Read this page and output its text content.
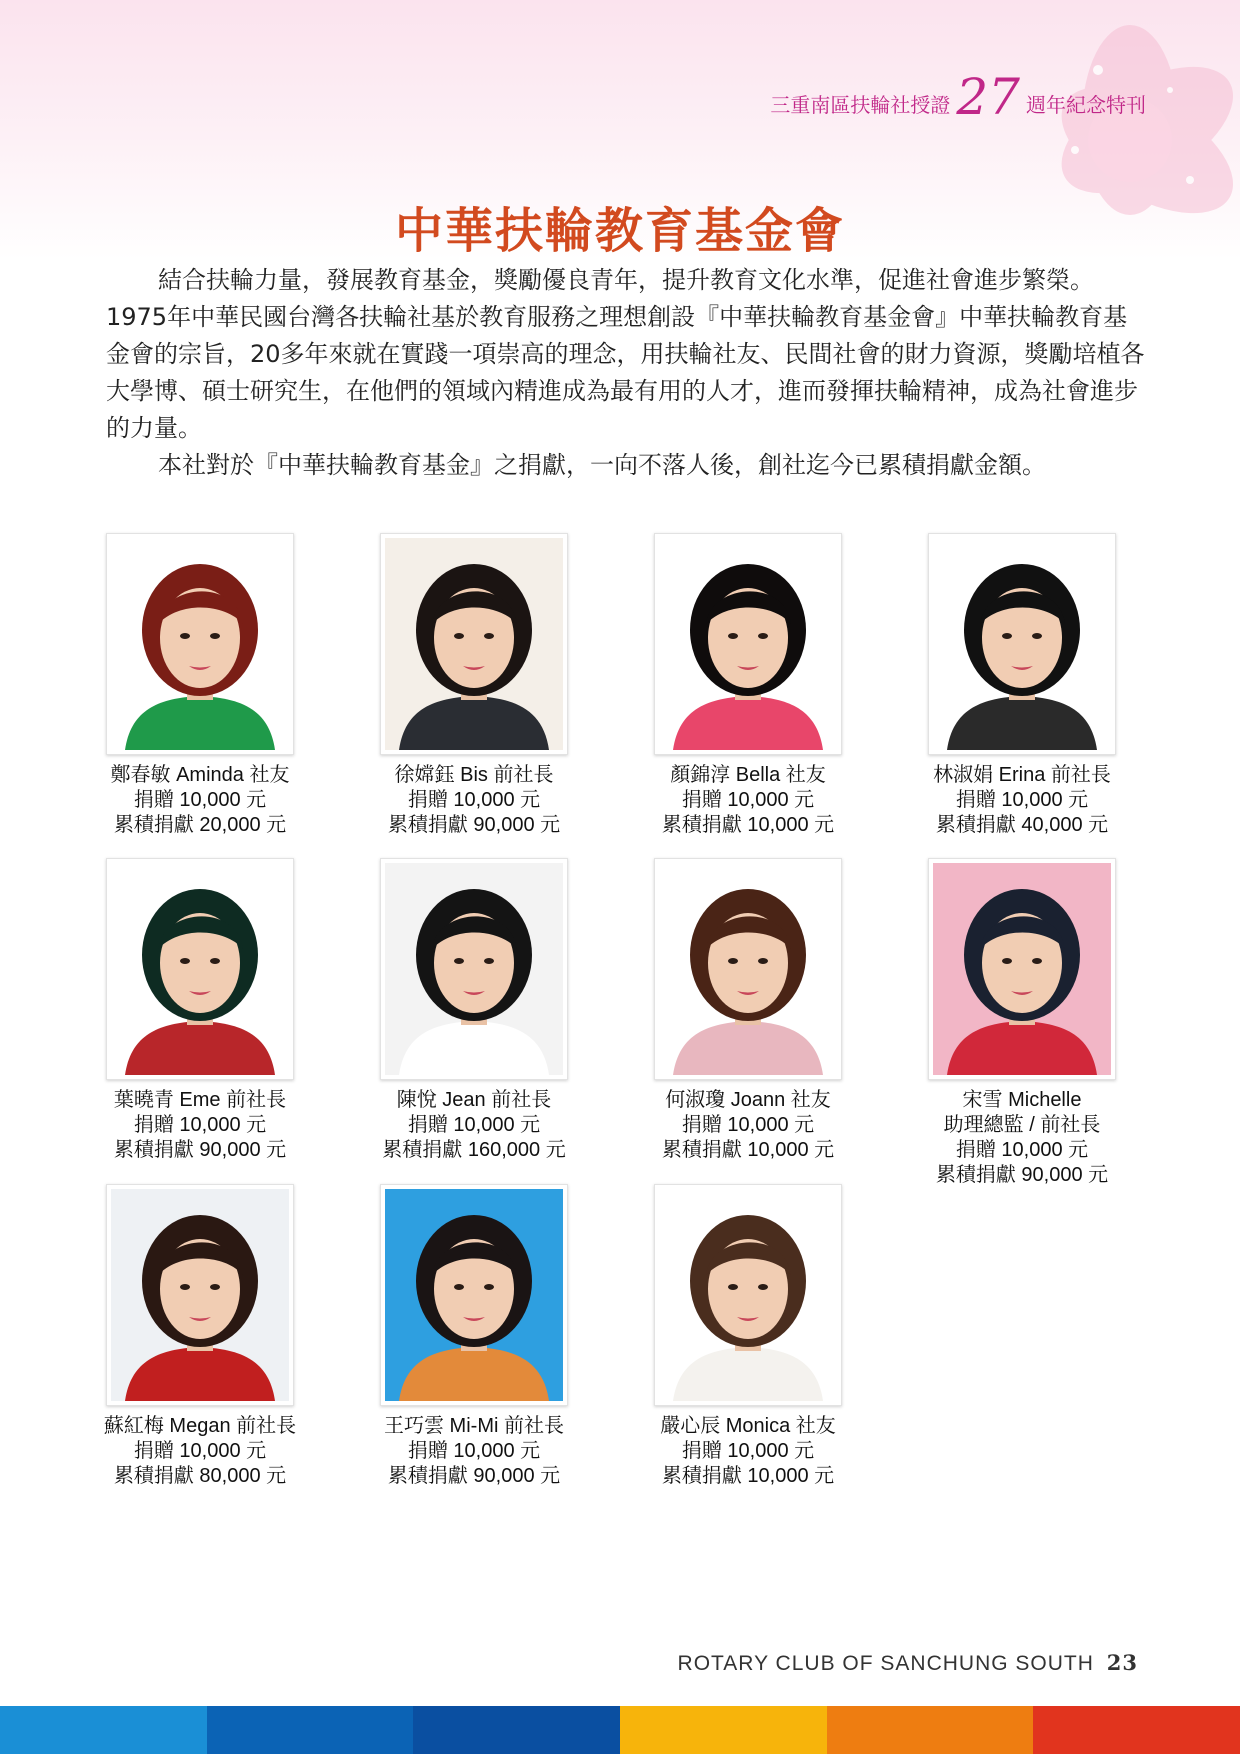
三重南區扶輪社授證 27 週年紀念特刊
中華扶輪教育基金會

結合扶輪力量，發展教育基金，獎勵優良青年，提升教育文化水準，促進社會進步繁榮。1975年中華民國台灣各扶輪社基於教育服務之理想創設『中華扶輪教育基金會』中華扶輪教育基金會的宗旨，20多年來就在實踐一項崇高的理念，用扶輪社友、民間社會的財力資源，獎勵培植各大學博、碩士研究生，在他們的領域內精進成為最有用的人才，進而發揮扶輪精神，成為社會進步的力量。

本社對於『中華扶輪教育基金』之捐獻，一向不落人後，創社迄今已累積捐獻金額。

鄭春敏 Aminda 社友
捐贈 10,000 元
累積捐獻 20,000 元
徐嫦鈺 Bis 前社長
捐贈 10,000 元
累積捐獻 90,000 元
顏錦淳 Bella 社友
捐贈 10,000 元
累積捐獻 10,000 元
林淑娟 Erina 前社長
捐贈 10,000 元
累積捐獻 40,000 元
葉曉青 Eme 前社長
捐贈 10,000 元
累積捐獻 90,000 元
陳悅 Jean 前社長
捐贈 10,000 元
累積捐獻 160,000 元
何淑瓊 Joann 社友
捐贈 10,000 元
累積捐獻 10,000 元
宋雪 Michelle
助理總監 / 前社長
捐贈 10,000 元
累積捐獻 90,000 元
蘇紅梅 Megan 前社長
捐贈 10,000 元
累積捐獻 80,000 元
王巧雲 Mi-Mi 前社長
捐贈 10,000 元
累積捐獻 90,000 元
嚴心辰 Monica 社友
捐贈 10,000 元
累積捐獻 10,000 元
ROTARY CLUB OF SANCHUNG SOUTH 23
